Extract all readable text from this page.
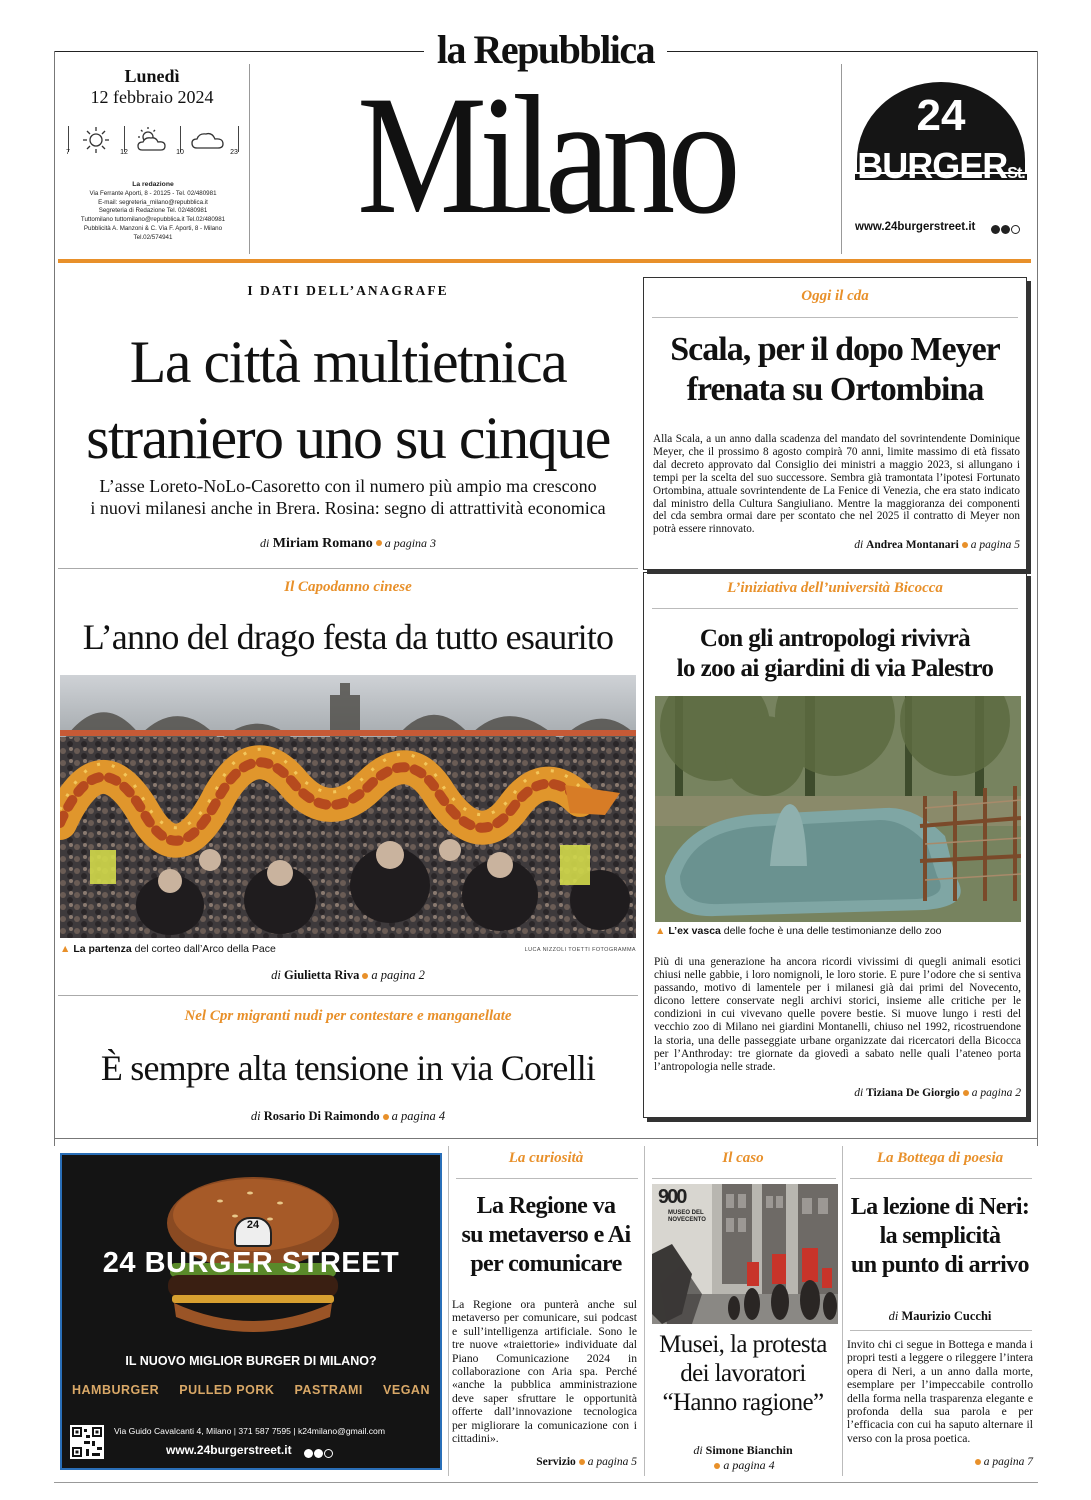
la Repubblica
Lunedì
12 febbraio 2024
7	12	10	23
La redazione
Via Ferrante Aporti, 8 - 20125 - Tel. 02/480981
E-mail: segreteria_milano@repubblica.it
Segreteria di Redazione Tel. 02/480981
Tuttomilano tuttomilano@repubblica.it Tel.02/480981
Pubblicità A. Manzoni & C. Via F. Aporti, 8 - Milano
Tel.02/574941	Milano	24
BURGERSt.
www.24burgerstreet.it
I DATI DELL’ANAGRAFE
La città multietnica
straniero uno su cinque
L’asse Loreto-NoLo-Casoretto con il numero più ampio ma crescono
i nuovi milanesi anche in Brera. Rosina: segno di attrattività economica
di Miriam Romano a pagina 3
Oggi il cda
Scala, per il dopo Meyer
frenata su Ortombina
Alla Scala, a un anno dalla scadenza del mandato del sovrintendente Dominique Meyer, che il prossimo 8 agosto compirà 70 anni, limite massimo di età fissato dal decreto approvato dal Consiglio dei ministri a maggio 2023, si allungano i tempi per la scelta del suo successore. Sembra già tramontata l’ipotesi Fortunato Ortombina, attuale sovrintendente de La Fenice di Venezia, che era stato indicato dal ministro della Cultura Sangiuliano. Mentre la maggioranza dei componenti del cda sembra ormai dare per scontato che nel 2025 il contratto di Meyer non potrà essere rinnovato.
di Andrea Montanari a pagina 5
Il Capodanno cinese
L’anno del drago festa da tutto esaurito
▲ La partenza del corteo dall’Arco della Pace	LUCA NIZZOLI TOETTI FOTOGRAMMA
di Giulietta Riva a pagina 2
Nel Cpr migranti nudi per contestare e manganellate
È sempre alta tensione in via Corelli
di Rosario Di Raimondo a pagina 4
L’iniziativa dell’università Bicocca
Con gli antropologi rivivrà
lo zoo ai giardini di via Palestro
▲ L’ex vasca delle foche è una delle testimonianze dello zoo
Più di una generazione ha ancora ricordi vivissimi di quegli animali esotici chiusi nelle gabbie, i loro nomignoli, le loro storie. E pure l’odore che si sentiva passando, motivo di lamentele per i milanesi già dai primi del Novecento, dicono lettere conservate negli archivi storici, insieme alle critiche per le condizioni in cui vivevano quelle povere bestie. Si muove lungo i resti del vecchio zoo di Milano nei giardini Montanelli, chiuso nel 1992, ricostruendone la storia, una delle passeggiate urbane organizzate dai ricercatori della Bicocca per l’Anthroday: tre giornate da giovedì a sabato nelle quali l’ateneo porta l’antropologia nelle strade.
di Tiziana De Giorgio a pagina 2
24
24 BURGER STREET
IL NUOVO MIGLIOR BURGER DI MILANO?
HAMBURGER PULLED PORK PASTRAMI VEGAN
Via Guido Cavalcanti 4, Milano | 371 587 7595 | k24milano@gmail.com
www.24burgerstreet.it
La curiosità
La Regione va
su metaverso e Ai
per comunicare
La Regione ora punterà anche sul metaverso per comunicare, sui podcast e sull’intelligenza artificiale. Sono le tre nuove «traiettorie» individuate dal Piano Comunicazione 2024 in collaborazione con Aria spa. Perché «anche la pubblica amministrazione deve saper sfruttare le opportunità offerte dall’innovazione tecnologica per migliorare la comunicazione con i cittadini».
Servizio a pagina 5
Il caso
900
MUSEO DEL
NOVECENTO
Musei, la protesta
dei lavoratori
“Hanno ragione”
di Simone Bianchin
a pagina 4
La Bottega di poesia
La lezione di Neri:
la semplicità
un punto di arrivo
di Maurizio Cucchi
Invito chi ci segue in Bottega e manda i propri testi a leggere o rileggere l’intera opera di Neri, a un anno dalla morte, esemplare per l’impeccabile controllo della forma nella trasparenza elegante e profonda della sua parola e per l’efficacia con cui ha saputo alternare il verso con la prosa poetica.
a pagina 7
